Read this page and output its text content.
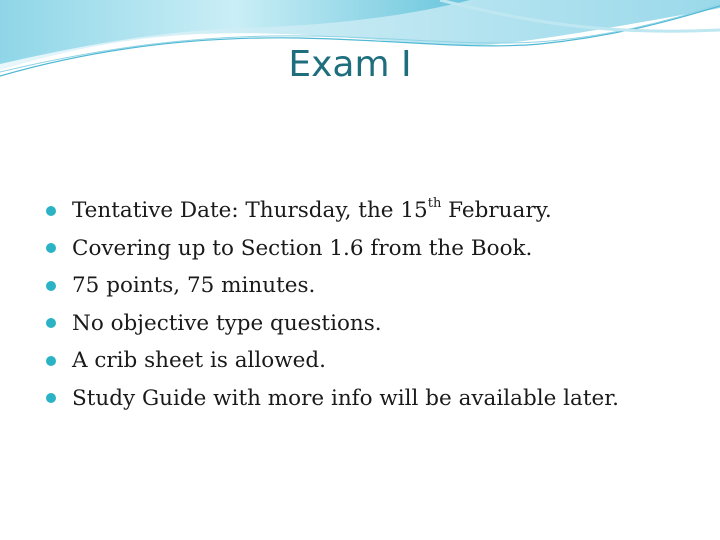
Exam I
Tentative Date: Thursday, the 15th February.
Covering up to Section 1.6 from the Book.
75 points, 75 minutes.
No objective type questions.
A crib sheet is allowed.
Study Guide with more info will be available later.
